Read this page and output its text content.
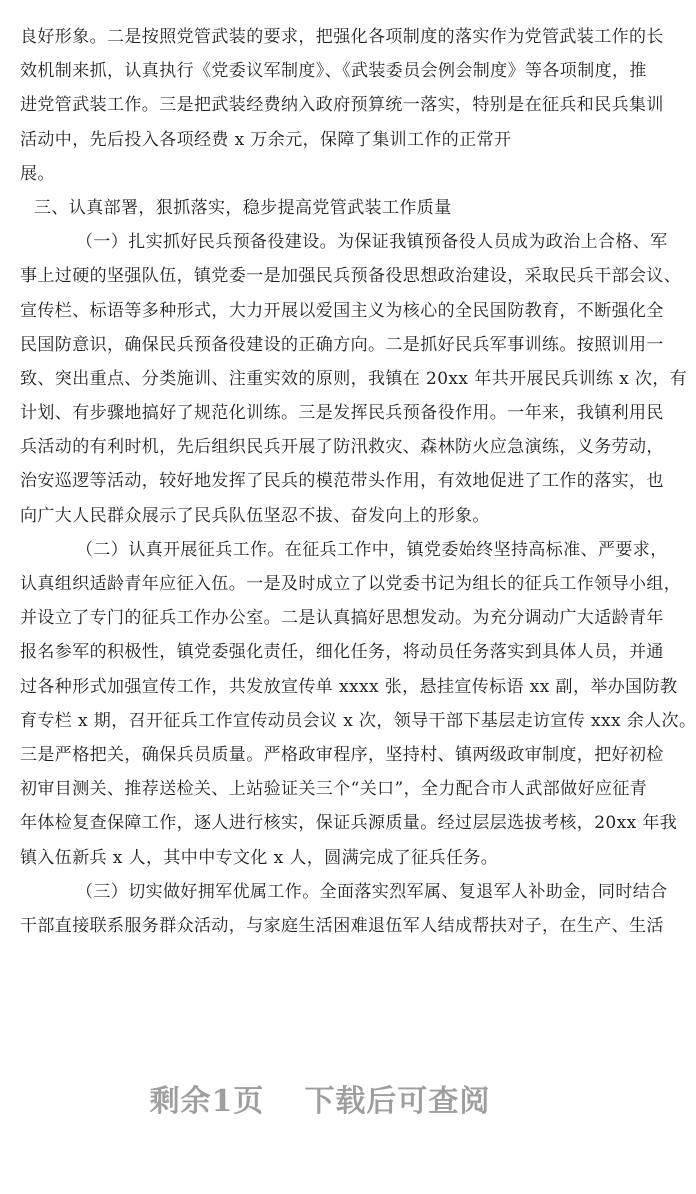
良好形象。二是按照党管武装的要求，把强化各项制度的落实作为党管武装工作的长
效机制来抓，认真执行《党委议军制度》、《武装委员会例会制度》等各项制度，推
进党管武装工作。三是把武装经费纳入政府预算统一落实，特别是在征兵和民兵集训
活动中，先后投入各项经费 x 万余元，保障了集训工作的正常开
展。
三、认真部署，狠抓落实，稳步提高党管武装工作质量
（一）扎实抓好民兵预备役建设。为保证我镇预备役人员成为政治上合格、军
事上过硬的坚强队伍，镇党委一是加强民兵预备役思想政治建设，采取民兵干部会议、
宣传栏、标语等多种形式，大力开展以爱国主义为核心的全民国防教育，不断强化全
民国防意识，确保民兵预备役建设的正确方向。二是抓好民兵军事训练。按照训用一
致、突出重点、分类施训、注重实效的原则，我镇在 20xx 年共开展民兵训练 x 次，有
计划、有步骤地搞好了规范化训练。三是发挥民兵预备役作用。一年来，我镇利用民
兵活动的有利时机，先后组织民兵开展了防汛救灾、森林防火应急演练，义务劳动，
治安巡逻等活动，较好地发挥了民兵的模范带头作用，有效地促进了工作的落实，也
向广大人民群众展示了民兵队伍坚忍不拔、奋发向上的形象。
（二）认真开展征兵工作。在征兵工作中，镇党委始终坚持高标准、严要求，
认真组织适龄青年应征入伍。一是及时成立了以党委书记为组长的征兵工作领导小组，
并设立了专门的征兵工作办公室。二是认真搞好思想发动。为充分调动广大适龄青年
报名参军的积极性，镇党委强化责任，细化任务，将动员任务落实到具体人员，并通
过各种形式加强宣传工作，共发放宣传单 xxxx 张，悬挂宣传标语 xx 副，举办国防教
育专栏 x 期，召开征兵工作宣传动员会议 x 次，领导干部下基层走访宣传 xxx 余人次。
三是严格把关，确保兵员质量。严格政审程序，坚持村、镇两级政审制度，把好初检
初审目测关、推荐送检关、上站验证关三个“关口”，全力配合市人武部做好应征青
年体检复查保障工作，逐人进行核实，保证兵源质量。经过层层选拔考核，20xx 年我
镇入伍新兵 x 人，其中中专文化 x 人，圆满完成了征兵任务。
（三）切实做好拥军优属工作。全面落实烈军属、复退军人补助金，同时结合
干部直接联系服务群众活动，与家庭生活困难退伍军人结成帮扶对子，在生产、生活
剩余1页 下载后可查阅
